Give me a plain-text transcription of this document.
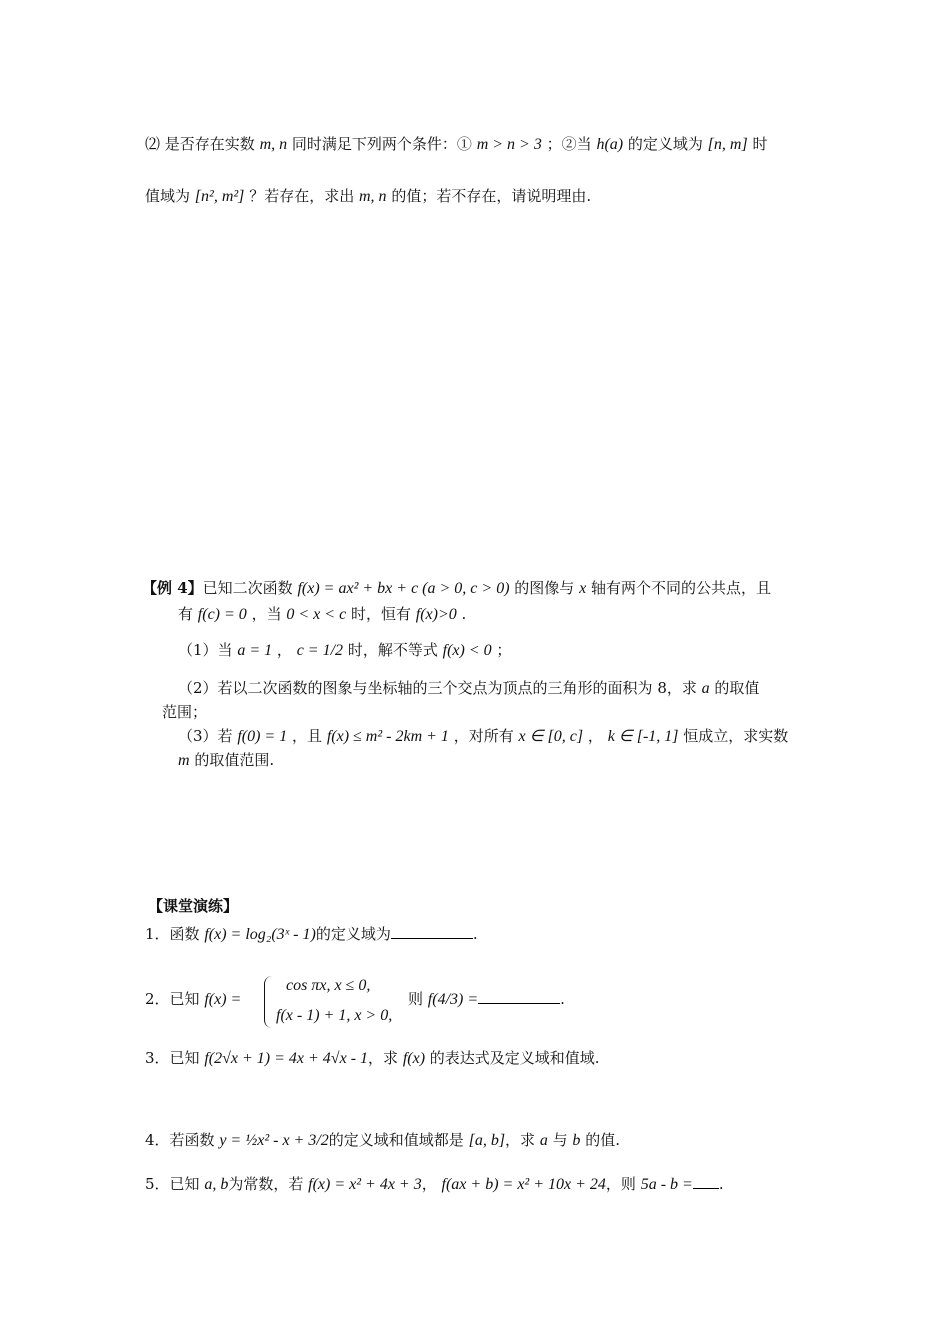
⑵ 是否存在实数 m, n 同时满足下列两个条件：① m > n > 3 ；②当 h(a) 的定义域为 [n, m] 时
值域为 [n², m²] ？若存在，求出 m, n 的值；若不存在，请说明理由.
【例 4】已知二次函数 f(x) = ax² + bx + c (a > 0, c > 0) 的图像与 x 轴有两个不同的公共点，且
有 f(c) = 0 ，当 0 < x < c 时，恒有 f(x)>0 .
（1）当 a = 1 ， c = 1/2 时，解不等式 f(x) < 0 ；
（2）若以二次函数的图象与坐标轴的三个交点为顶点的三角形的面积为 8，求 a 的取值
范围；
（3）若 f(0) = 1 ，且 f(x) ≤ m² - 2km + 1 ，对所有 x ∈ [0, c] ， k ∈ [-1, 1] 恒成立，求实数
m 的取值范围.
【课堂演练】
1．函数 f(x) = log₂(3ˣ - 1)的定义域为	.
2．已知 f(x) =
cos πx, x ≤ 0,
f(x - 1) + 1, x > 0,
则 f(4/3) =	.
3．已知 f(2√x + 1) = 4x + 4√x - 1，求 f(x) 的表达式及定义域和值域.
4．若函数 y = ½x² - x + 3/2的定义域和值域都是 [a, b]，求 a 与 b 的值.
5．已知 a, b为常数，若 f(x) = x² + 4x + 3， f(ax + b) = x² + 10x + 24，则 5a - b = .
